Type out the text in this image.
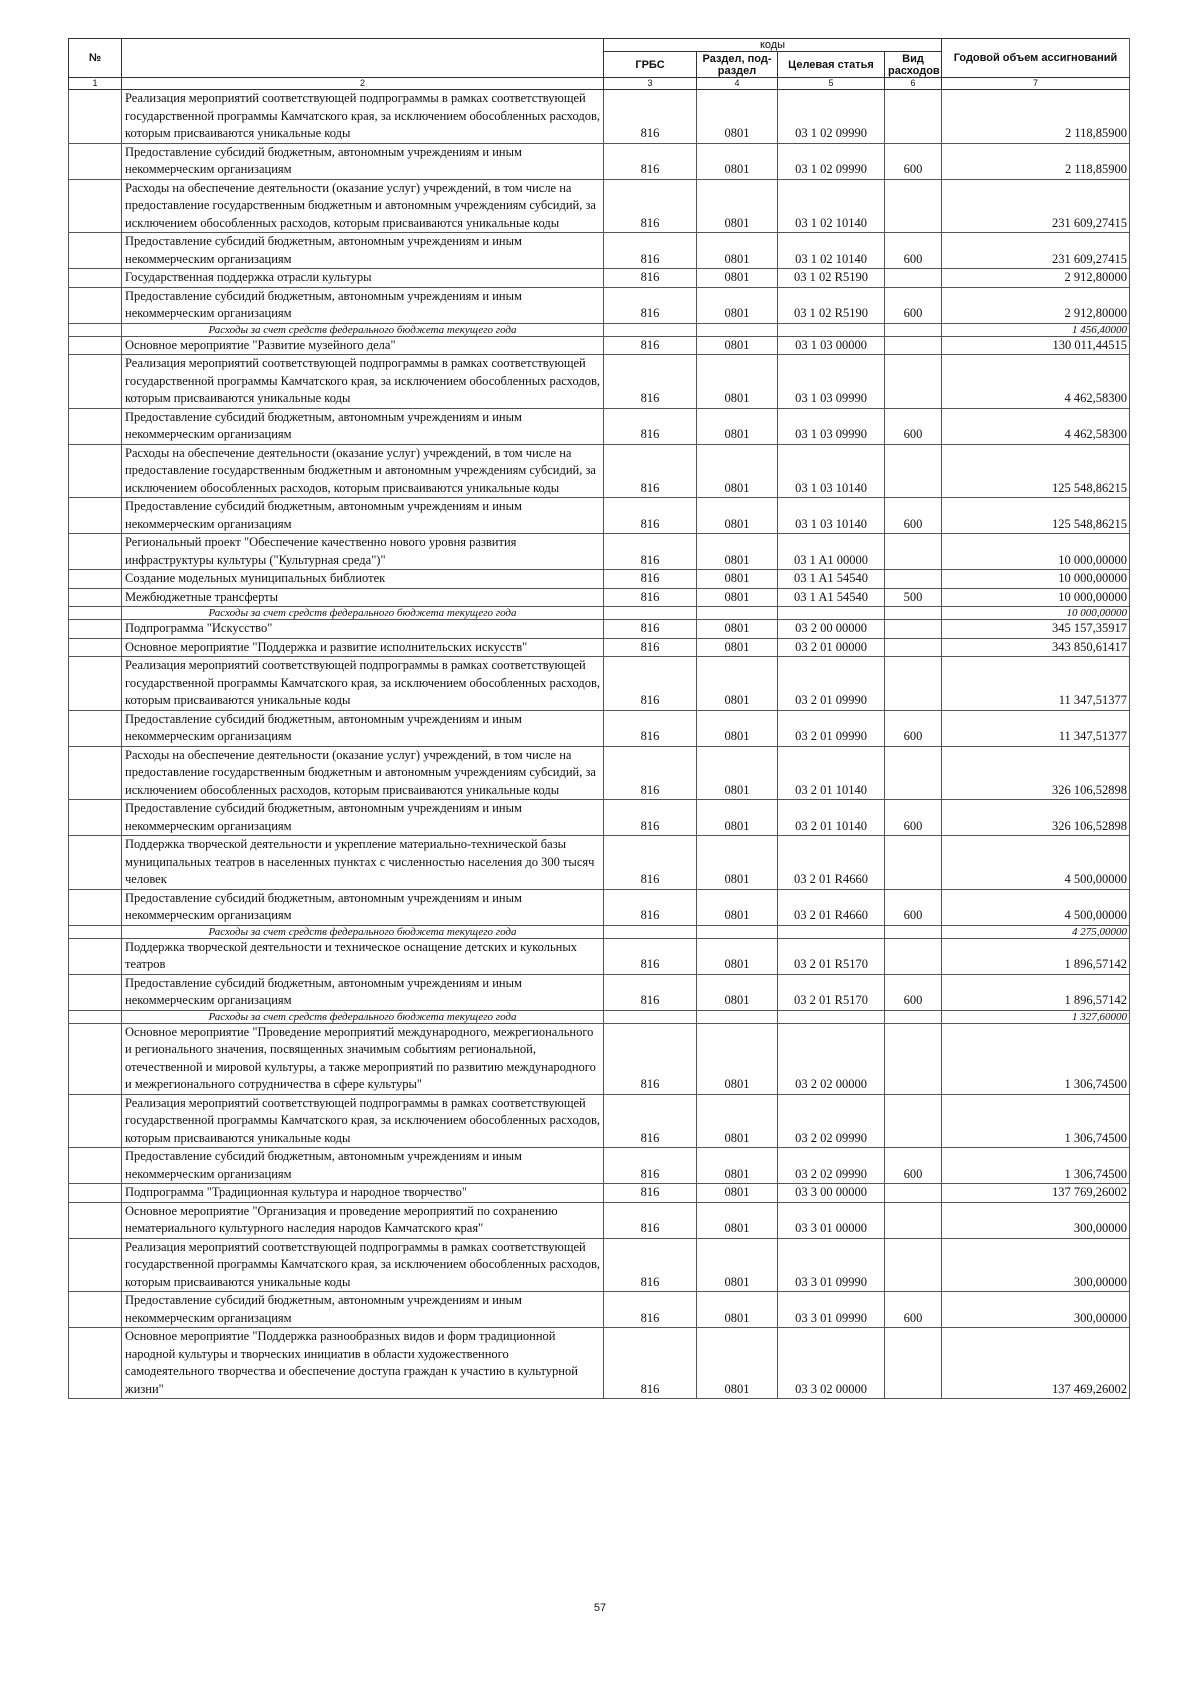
№		коды				Годовой объем ассигнований
		ГРБС	Раздел, под-раздел	Целевая статья	Вид расходов	
1	2	3	4	5	6	7
	Реализация мероприятий соответствующей подпрограммы в рамках соответствующей государственной программы Камчатского края, за исключением обособленных расходов, которым присваиваются уникальные коды	816	0801	03 1 02 09990		2 118,85900
	Предоставление субсидий бюджетным, автономным учреждениям и иным некоммерческим организациям	816	0801	03 1 02 09990	600	2 118,85900
	Расходы на обеспечение деятельности (оказание услуг) учреждений, в том числе на предоставление государственным бюджетным и автономным учреждениям субсидий, за исключением обособленных расходов, которым присваиваются уникальные коды	816	0801	03 1 02 10140		231 609,27415
	Предоставление субсидий бюджетным, автономным учреждениям и иным некоммерческим организациям	816	0801	03 1 02 10140	600	231 609,27415
	Государственная поддержка отрасли культуры	816	0801	03 1 02 R5190		2 912,80000
	Предоставление субсидий бюджетным, автономным учреждениям и иным некоммерческим организациям	816	0801	03 1 02 R5190	600	2 912,80000
	Расходы за счет средств федерального бюджета текущего года					1 456,40000
	Основное мероприятие "Развитие музейного дела"	816	0801	03 1 03 00000		130 011,44515
	Реализация мероприятий соответствующей подпрограммы в рамках соответствующей государственной программы Камчатского края, за исключением обособленных расходов, которым присваиваются уникальные коды	816	0801	03 1 03 09990		4 462,58300
	Предоставление субсидий бюджетным, автономным учреждениям и иным некоммерческим организациям	816	0801	03 1 03 09990	600	4 462,58300
	Расходы на обеспечение деятельности (оказание услуг) учреждений, в том числе на предоставление государственным бюджетным и автономным учреждениям субсидий, за исключением обособленных расходов, которым присваиваются уникальные коды	816	0801	03 1 03 10140		125 548,86215
	Предоставление субсидий бюджетным, автономным учреждениям и иным некоммерческим организациям	816	0801	03 1 03 10140	600	125 548,86215
	Региональный проект "Обеспечение качественно нового уровня развития инфраструктуры культуры ("Культурная среда")"	816	0801	03 1 A1 00000		10 000,00000
	Создание модельных муниципальных библиотек	816	0801	03 1 A1 54540		10 000,00000
	Межбюджетные трансферты	816	0801	03 1 A1 54540	500	10 000,00000
	Расходы за счет средств федерального бюджета текущего года					10 000,00000
	Подпрограмма "Искусство"	816	0801	03 2 00 00000		345 157,35917
	Основное мероприятие "Поддержка и развитие исполнительских искусств"	816	0801	03 2 01 00000		343 850,61417
	Реализация мероприятий соответствующей подпрограммы в рамках соответствующей государственной программы Камчатского края, за исключением обособленных расходов, которым присваиваются уникальные коды	816	0801	03 2 01 09990		11 347,51377
	Предоставление субсидий бюджетным, автономным учреждениям и иным некоммерческим организациям	816	0801	03 2 01 09990	600	11 347,51377
	Расходы на обеспечение деятельности (оказание услуг) учреждений, в том числе на предоставление государственным бюджетным и автономным учреждениям субсидий, за исключением обособленных расходов, которым присваиваются уникальные коды	816	0801	03 2 01 10140		326 106,52898
	Предоставление субсидий бюджетным, автономным учреждениям и иным некоммерческим организациям	816	0801	03 2 01 10140	600	326 106,52898
	Поддержка творческой деятельности и укрепление материально-технической базы муниципальных театров в населенных пунктах с численностью населения до 300 тысяч человек	816	0801	03 2 01 R4660		4 500,00000
	Предоставление субсидий бюджетным, автономным учреждениям и иным некоммерческим организациям	816	0801	03 2 01 R4660	600	4 500,00000
	Расходы за счет средств федерального бюджета текущего года					4 275,00000
	Поддержка творческой деятельности и техническое оснащение детских и кукольных театров	816	0801	03 2 01 R5170		1 896,57142
	Предоставление субсидий бюджетным, автономным учреждениям и иным некоммерческим организациям	816	0801	03 2 01 R5170	600	1 896,57142
	Расходы за счет средств федерального бюджета текущего года					1 327,60000
	Основное мероприятие "Проведение мероприятий международного, межрегионального и регионального значения, посвященных значимым событиям региональной, отечественной и мировой культуры, а также мероприятий по развитию международного и межрегионального сотрудничества в сфере культуры"	816	0801	03 2 02 00000		1 306,74500
	Реализация мероприятий соответствующей подпрограммы в рамках соответствующей государственной программы Камчатского края, за исключением обособленных расходов, которым присваиваются уникальные коды	816	0801	03 2 02 09990		1 306,74500
	Предоставление субсидий бюджетным, автономным учреждениям и иным некоммерческим организациям	816	0801	03 2 02 09990	600	1 306,74500
	Подпрограмма "Традиционная культура и народное творчество"	816	0801	03 3 00 00000		137 769,26002
	Основное мероприятие "Организация и проведение мероприятий по сохранению нематериального культурного наследия народов Камчатского края"	816	0801	03 3 01 00000		300,00000
	Реализация мероприятий соответствующей подпрограммы в рамках соответствующей государственной программы Камчатского края, за исключением обособленных расходов, которым присваиваются уникальные коды	816	0801	03 3 01 09990		300,00000
	Предоставление субсидий бюджетным, автономным учреждениям и иным некоммерческим организациям	816	0801	03 3 01 09990	600	300,00000
	Основное мероприятие "Поддержка разнообразных видов и форм традиционной народной культуры и творческих инициатив в области художественного самодеятельного творчества и обеспечение доступа граждан к участию в культурной жизни"	816	0801	03 3 02 00000		137 469,26002
57
